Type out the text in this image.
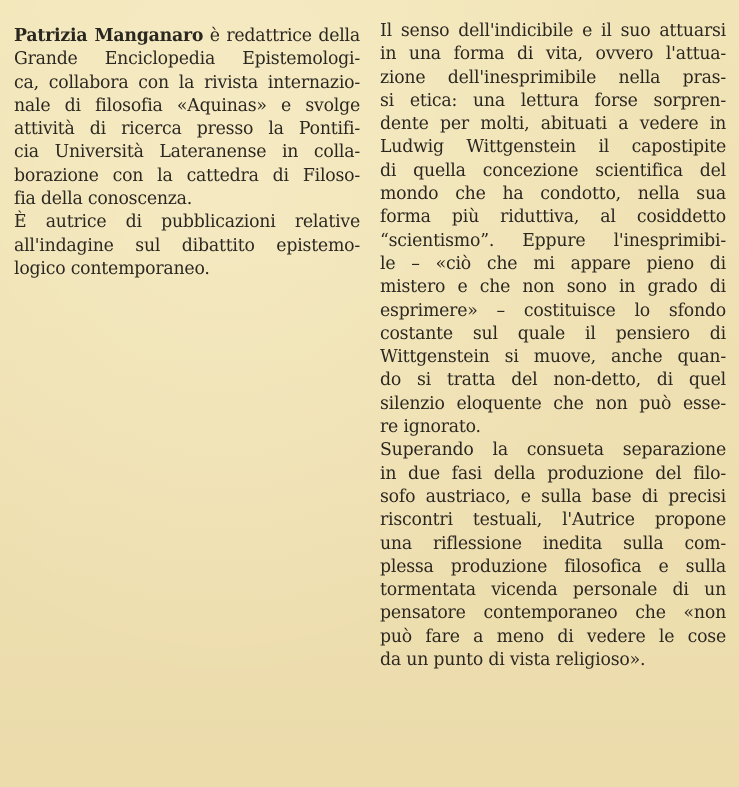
Patrizia Manganaro è redattrice della
Grande Enciclopedia Epistemologi-
ca, collabora con la rivista internazio-
nale di filosofia «Aquinas» e svolge
attività di ricerca presso la Pontifi-
cia Università Lateranense in colla-
borazione con la cattedra di Filoso-
fia della conoscenza.
È autrice di pubblicazioni relative
all'indagine sul dibattito epistemo-
logico contemporaneo.
Il senso dell'indicibile e il suo attuarsi
in una forma di vita, ovvero l'attua-
zione dell'inesprimibile nella pras-
si etica: una lettura forse sorpren-
dente per molti, abituati a vedere in
Ludwig Wittgenstein il capostipite
di quella concezione scientifica del
mondo che ha condotto, nella sua
forma più riduttiva, al cosiddetto
“scientismo”. Eppure l'inesprimibi-
le – «ciò che mi appare pieno di
mistero e che non sono in grado di
esprimere» – costituisce lo sfondo
costante sul quale il pensiero di
Wittgenstein si muove, anche quan-
do si tratta del non-detto, di quel
silenzio eloquente che non può esse-
re ignorato.
Superando la consueta separazione
in due fasi della produzione del filo-
sofo austriaco, e sulla base di precisi
riscontri testuali, l'Autrice propone
una riflessione inedita sulla com-
plessa produzione filosofica e sulla
tormentata vicenda personale di un
pensatore contemporaneo che «non
può fare a meno di vedere le cose
da un punto di vista religioso».
